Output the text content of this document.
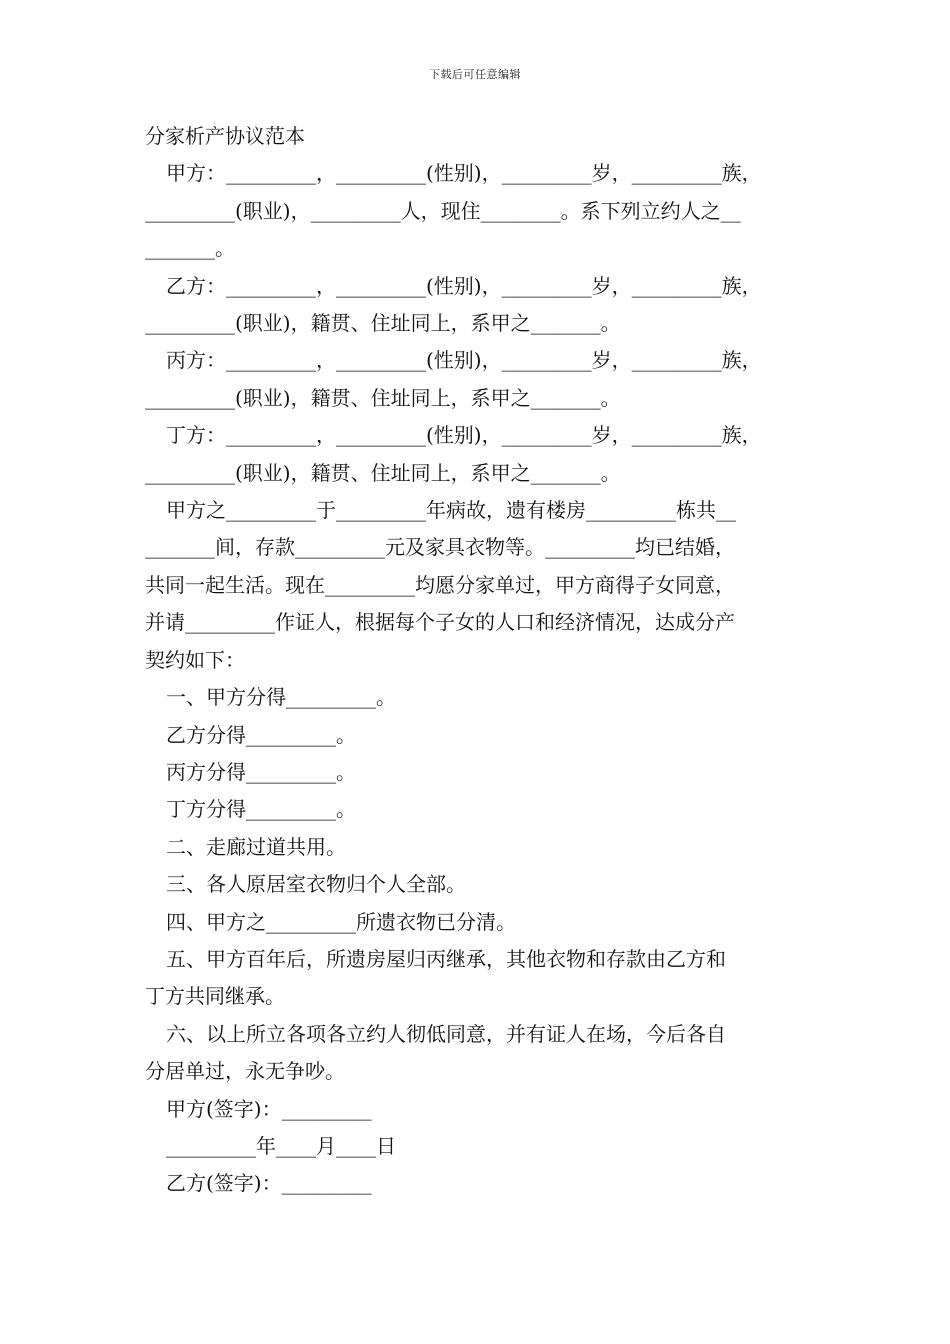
下载后可任意编辑

分家析产协议范本

甲方：_________，_________(性别)，_________岁，_________族，

_________(职业)，_________人，现住________。系下列立约人之__

_______。

乙方：_________，_________(性别)，_________岁，_________族，

_________(职业)，籍贯、住址同上，系甲之_______。

丙方：_________，_________(性别)，_________岁，_________族，

_________(职业)，籍贯、住址同上，系甲之_______。

丁方：_________，_________(性别)，_________岁，_________族，

_________(职业)，籍贯、住址同上，系甲之_______。

甲方之_________于_________年病故，遗有楼房_________栋共__

_______间，存款_________元及家具衣物等。_________均已结婚，

共同一起生活。现在_________均愿分家单过，甲方商得子女同意，

并请_________作证人，根据每个子女的人口和经济情况，达成分产

契约如下：

一、甲方分得_________。

乙方分得_________。

丙方分得_________。

丁方分得_________。

二、走廊过道共用。

三、各人原居室衣物归个人全部。

四、甲方之_________所遗衣物已分清。

五、甲方百年后，所遗房屋归丙继承，其他衣物和存款由乙方和

丁方共同继承。

六、以上所立各项各立约人彻低同意，并有证人在场，今后各自

分居单过，永无争吵。

甲方(签字)：_________

_________年____月____日

乙方(签字)：_________
